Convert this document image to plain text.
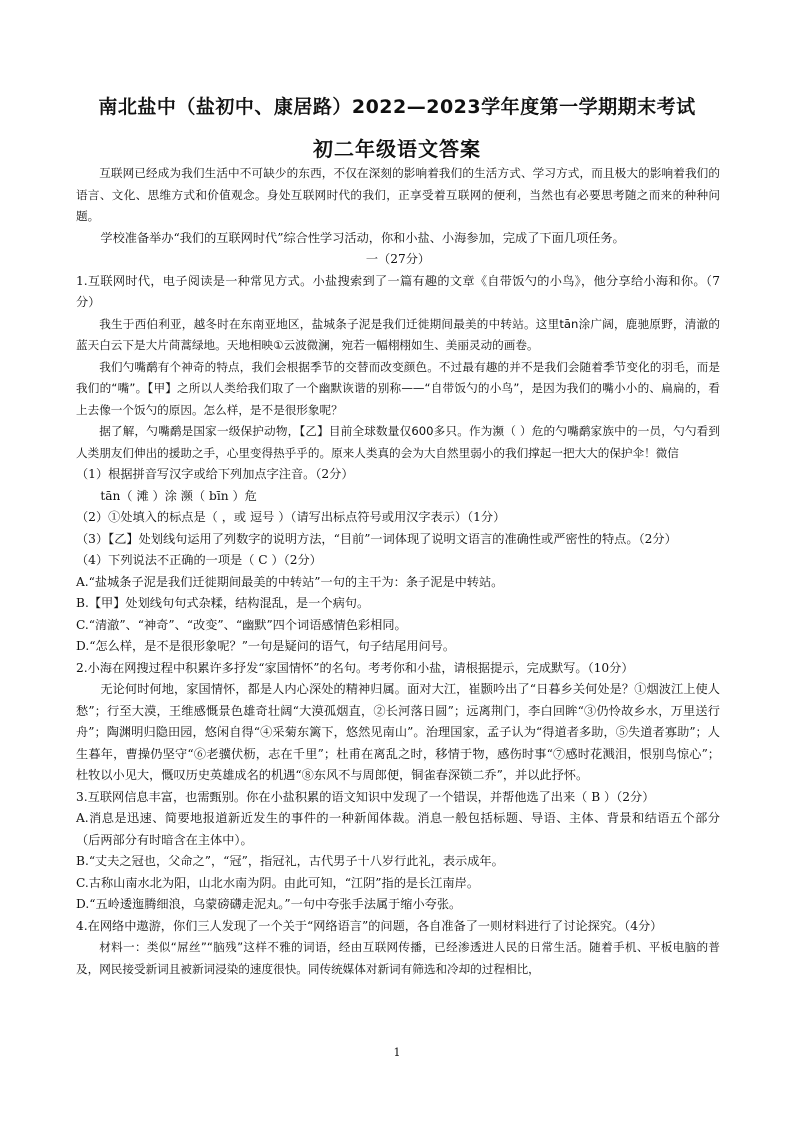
南北盐中（盐初中、康居路）2022—2023学年度第一学期期末考试
初二年级语文答案

互联网已经成为我们生活中不可缺少的东西，不仅在深刻的影响着我们的生活方式、学习方式，而且极大的影响着我们的语言、文化、思维方式和价值观念。身处互联网时代的我们，正享受着互联网的便利，当然也有必要思考随之而来的种种问题。

学校准备举办“我们的互联网时代”综合性学习活动，你和小盐、小海参加，完成了下面几项任务。

一（27分）

1.互联网时代，电子阅读是一种常见方式。小盐搜索到了一篇有趣的文章《自带饭勺的小鸟》，他分享给小海和你。（7分）

我生于西伯利亚，越冬时在东南亚地区，盐城条子泥是我们迁徙期间最美的中转站。这里tān涂广阔，鹿驰原野，清澈的蓝天白云下是大片茼蒿绿地。天地相映①云波微澜，宛若一幅栩栩如生、美丽灵动的画卷。

我们勺嘴鹬有个神奇的特点，我们会根据季节的交替而改变颜色。不过最有趣的并不是我们会随着季节变化的羽毛，而是我们的“嘴”。【甲】之所以人类给我们取了一个幽默诙谐的别称——“自带饭勺的小鸟”，是因为我们的嘴小小的、扁扁的，看上去像一个饭勺的原因。怎么样，是不是很形象呢？

据了解，勺嘴鹬是国家一级保护动物，【乙】目前全球数量仅600多只。作为濒（ ）危的勺嘴鹬家族中的一员，勺勺看到人类朋友们伸出的援助之手，心里变得热乎乎的。原来人类真的会为大自然里弱小的我们撑起一把大大的保护伞！微信

（1）根据拼音写汉字或给下列加点字注音。（2分）

tān（ 滩 ）涂 濒（ bīn ）危

（2）①处填入的标点是（ ，或 逗号 ）（请写出标点符号或用汉字表示）（1分）

（3）【乙】处划线句运用了列数字的说明方法，“目前”一词体现了说明文语言的准确性或严密性的特点。（2分）

（4）下列说法不正确的一项是（ C ）（2分）

A.“盐城条子泥是我们迁徙期间最美的中转站”一句的主干为：条子泥是中转站。

B.【甲】处划线句句式杂糅，结构混乱，是一个病句。

C.“清澈”、“神奇”、“改变”、“幽默”四个词语感情色彩相同。

D.“怎么样，是不是很形象呢？”一句是疑问的语气，句子结尾用问号。

2.小海在网搜过程中积累许多抒发“家国情怀”的名句。考考你和小盐，请根据提示，完成默写。（10分）

无论何时何地，家国情怀，都是人内心深处的精神归属。面对大江，崔颢吟出了“日暮乡关何处是？①烟波江上使人愁”；行至大漠，王维感慨景色雄奇壮阔“大漠孤烟直，②长河落日圆”；远离荆门，李白回眸“③仍怜故乡水，万里送行舟”；陶渊明归隐田园，悠闲自得“④采菊东篱下，悠然见南山”。治理国家，孟子认为“得道者多助，⑤失道者寡助”；人生暮年，曹操仍坚守“⑥老骥伏枥，志在千里”；杜甫在离乱之时，移情于物，感伤时事“⑦感时花溅泪，恨别鸟惊心”；杜牧以小见大，慨叹历史英雄成名的机遇“⑧东风不与周郎便，铜雀春深锁二乔”，并以此抒怀。

3.互联网信息丰富，也需甄别。你在小盐积累的语文知识中发现了一个错误，并帮他选了出来（ B ）（2分）

A.消息是迅速、简要地报道新近发生的事件的一种新闻体裁。消息一般包括标题、导语、主体、背景和结语五个部分（后两部分有时暗含在主体中）。

B.“丈夫之冠也，父命之”，“冠”，指冠礼，古代男子十八岁行此礼，表示成年。

C.古称山南水北为阳，山北水南为阴。由此可知，“江阴”指的是长江南岸。

D.“五岭逶迤腾细浪，乌蒙磅礴走泥丸。”一句中夸张手法属于缩小夸张。

4.在网络中遨游，你们三人发现了一个关于“网络语言”的问题，各自准备了一则材料进行了讨论探究。（4分）

材料一：类似“屌丝”“脑残”这样不雅的词语，经由互联网传播，已经渗透进人民的日常生活。随着手机、平板电脑的普及，网民接受新词且被新词浸染的速度很快。同传统媒体对新词有筛选和冷却的过程相比，

1
